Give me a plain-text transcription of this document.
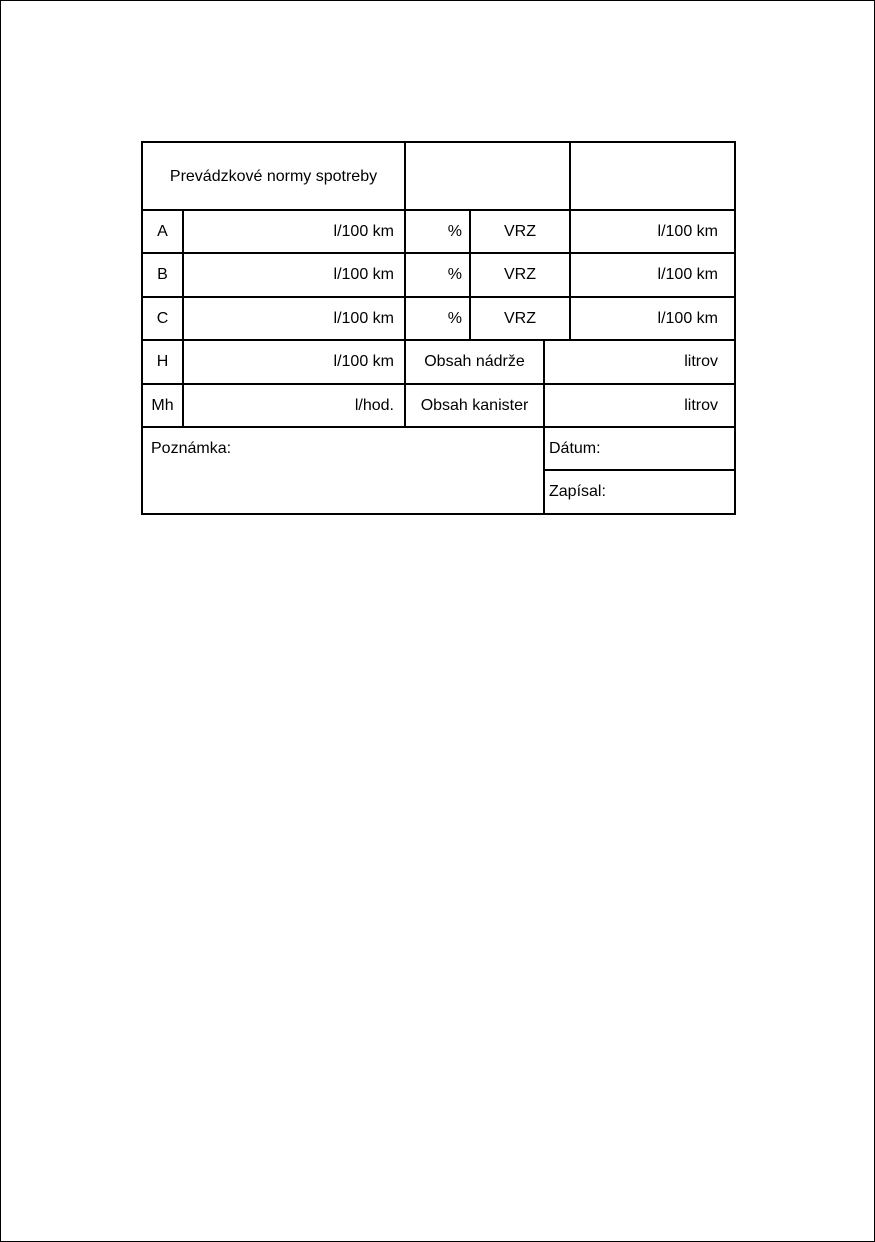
Prevádzkové normy spotreby
A	l/100 km	%	VRZ	l/100 km
B	l/100 km	%	VRZ	l/100 km
C	l/100 km	%	VRZ	l/100 km
H	l/100 km	Obsah nádrže	litrov
Mh	l/hod.	Obsah kanister	litrov
Poznámka:	Dátum:
Zapísal:
